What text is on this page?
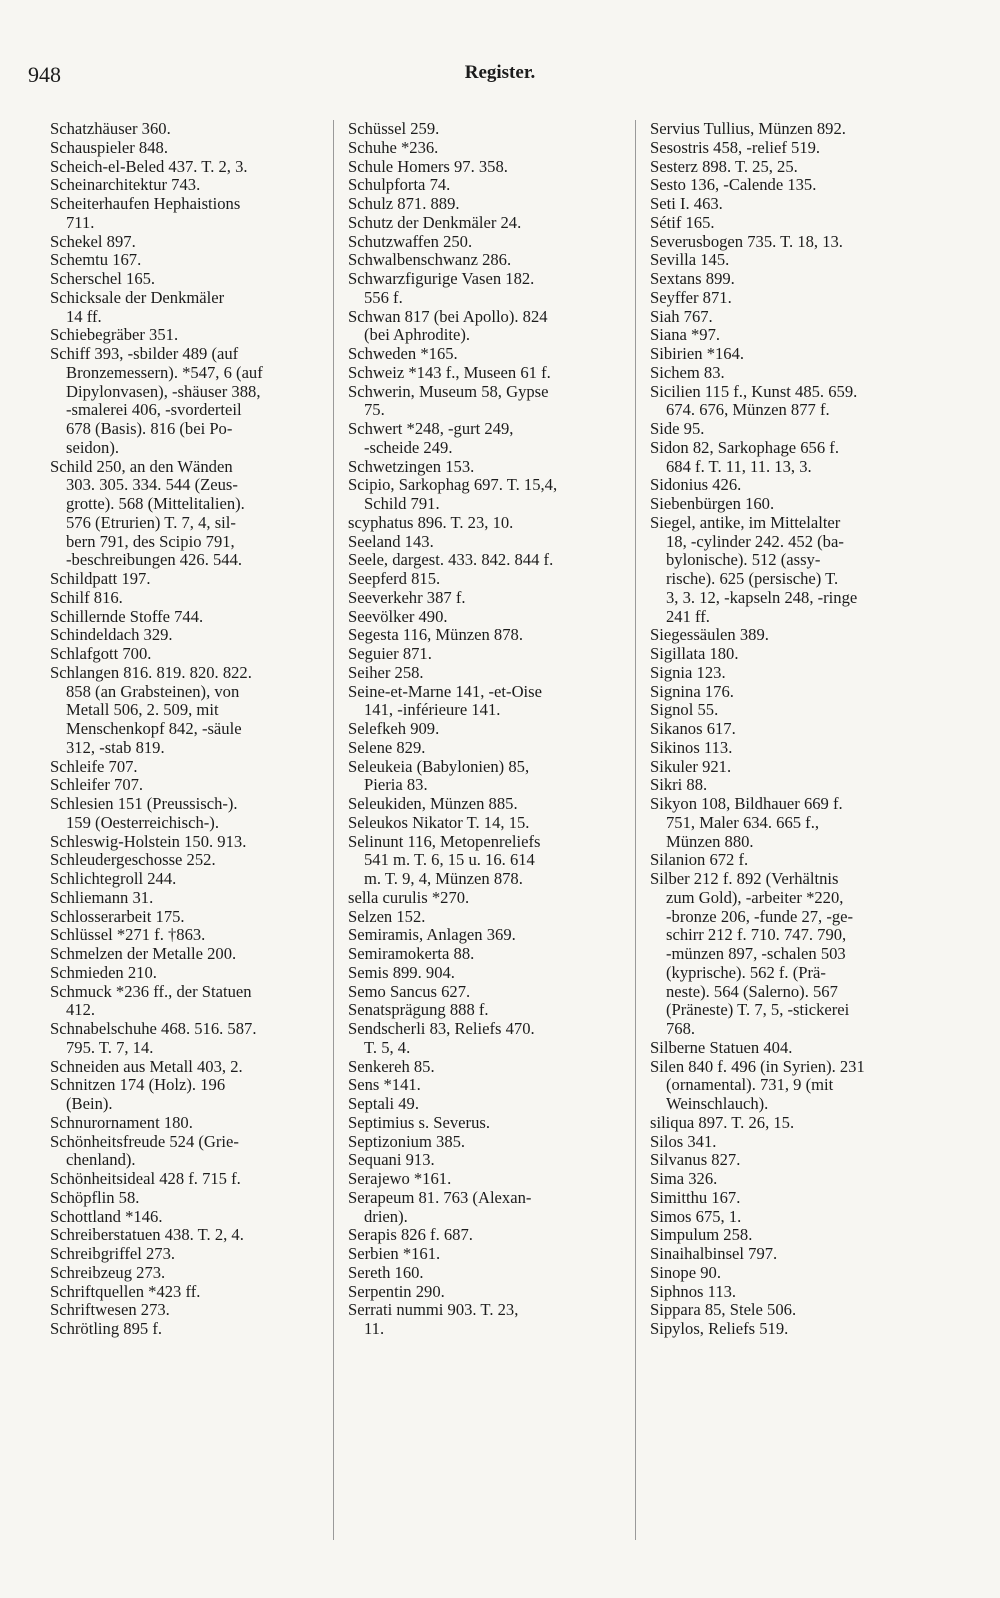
948	Register.
Schatzhäuser 360.
Schauspieler 848.
Scheich-el-Beled 437. T. 2, 3.
Scheinarchitektur 743.
Scheiterhaufen Hephaistions
711.
Schekel 897.
Schemtu 167.
Scherschel 165.
Schicksale der Denkmäler
14 ff.
Schiebegräber 351.
Schiff 393, -sbilder 489 (auf
Bronzemessern). *547, 6 (auf
Dipylonvasen), -shäuser 388,
-smalerei 406, -svorderteil
678 (Basis). 816 (bei Po-
seidon).
Schild 250, an den Wänden
303. 305. 334. 544 (Zeus-
grotte). 568 (Mittelitalien).
576 (Etrurien) T. 7, 4, sil-
bern 791, des Scipio 791,
-beschreibungen 426. 544.
Schildpatt 197.
Schilf 816.
Schillernde Stoffe 744.
Schindeldach 329.
Schlafgott 700.
Schlangen 816. 819. 820. 822.
858 (an Grabsteinen), von
Metall 506, 2. 509, mit
Menschenkopf 842, -säule
312, -stab 819.
Schleife 707.
Schleifer 707.
Schlesien 151 (Preussisch-).
159 (Oesterreichisch-).
Schleswig-Holstein 150. 913.
Schleudergeschosse 252.
Schlichtegroll 244.
Schliemann 31.
Schlosserarbeit 175.
Schlüssel *271 f. †863.
Schmelzen der Metalle 200.
Schmieden 210.
Schmuck *236 ff., der Statuen
412.
Schnabelschuhe 468. 516. 587.
795. T. 7, 14.
Schneiden aus Metall 403, 2.
Schnitzen 174 (Holz). 196
(Bein).
Schnurornament 180.
Schönheitsfreude 524 (Grie-
chenland).
Schönheitsideal 428 f. 715 f.
Schöpflin 58.
Schottland *146.
Schreiberstatuen 438. T. 2, 4.
Schreibgriffel 273.
Schreibzeug 273.
Schriftquellen *423 ff.
Schriftwesen 273.
Schrötling 895 f.
Schüssel 259.
Schuhe *236.
Schule Homers 97. 358.
Schulpforta 74.
Schulz 871. 889.
Schutz der Denkmäler 24.
Schutzwaffen 250.
Schwalbenschwanz 286.
Schwarzfigurige Vasen 182.
556 f.
Schwan 817 (bei Apollo). 824
(bei Aphrodite).
Schweden *165.
Schweiz *143 f., Museen 61 f.
Schwerin, Museum 58, Gypse
75.
Schwert *248, -gurt 249,
-scheide 249.
Schwetzingen 153.
Scipio, Sarkophag 697. T. 15,4,
Schild 791.
scyphatus 896. T. 23, 10.
Seeland 143.
Seele, dargest. 433. 842. 844 f.
Seepferd 815.
Seeverkehr 387 f.
Seevölker 490.
Segesta 116, Münzen 878.
Seguier 871.
Seiher 258.
Seine-et-Marne 141, -et-Oise
141, -inférieure 141.
Selefkeh 909.
Selene 829.
Seleukeia (Babylonien) 85,
Pieria 83.
Seleukiden, Münzen 885.
Seleukos Nikator T. 14, 15.
Selinunt 116, Metopenreliefs
541 m. T. 6, 15 u. 16. 614
m. T. 9, 4, Münzen 878.
sella curulis *270.
Selzen 152.
Semiramis, Anlagen 369.
Semiramokerta 88.
Semis 899. 904.
Semo Sancus 627.
Senatsprägung 888 f.
Sendscherli 83, Reliefs 470.
T. 5, 4.
Senkereh 85.
Sens *141.
Septali 49.
Septimius s. Severus.
Septizonium 385.
Sequani 913.
Serajewo *161.
Serapeum 81. 763 (Alexan-
drien).
Serapis 826 f. 687.
Serbien *161.
Sereth 160.
Serpentin 290.
Serrati nummi 903. T. 23,
11.
Servius Tullius, Münzen 892.
Sesostris 458, -relief 519.
Sesterz 898. T. 25, 25.
Sesto 136, -Calende 135.
Seti I. 463.
Sétif 165.
Severusbogen 735. T. 18, 13.
Sevilla 145.
Sextans 899.
Seyffer 871.
Siah 767.
Siana *97.
Sibirien *164.
Sichem 83.
Sicilien 115 f., Kunst 485. 659.
674. 676, Münzen 877 f.
Side 95.
Sidon 82, Sarkophage 656 f.
684 f. T. 11, 11. 13, 3.
Sidonius 426.
Siebenbürgen 160.
Siegel, antike, im Mittelalter
18, -cylinder 242. 452 (ba-
bylonische). 512 (assy-
rische). 625 (persische) T.
3, 3. 12, -kapseln 248, -ringe
241 ff.
Siegessäulen 389.
Sigillata 180.
Signia 123.
Signina 176.
Signol 55.
Sikanos 617.
Sikinos 113.
Sikuler 921.
Sikri 88.
Sikyon 108, Bildhauer 669 f.
751, Maler 634. 665 f.,
Münzen 880.
Silanion 672 f.
Silber 212 f. 892 (Verhältnis
zum Gold), -arbeiter *220,
-bronze 206, -funde 27, -ge-
schirr 212 f. 710. 747. 790,
-münzen 897, -schalen 503
(kyprische). 562 f. (Prä-
neste). 564 (Salerno). 567
(Präneste) T. 7, 5, -stickerei
768.
Silberne Statuen 404.
Silen 840 f. 496 (in Syrien). 231
(ornamental). 731, 9 (mit
Weinschlauch).
siliqua 897. T. 26, 15.
Silos 341.
Silvanus 827.
Sima 326.
Simitthu 167.
Simos 675, 1.
Simpulum 258.
Sinaihalbinsel 797.
Sinope 90.
Siphnos 113.
Sippara 85, Stele 506.
Sipylos, Reliefs 519.
